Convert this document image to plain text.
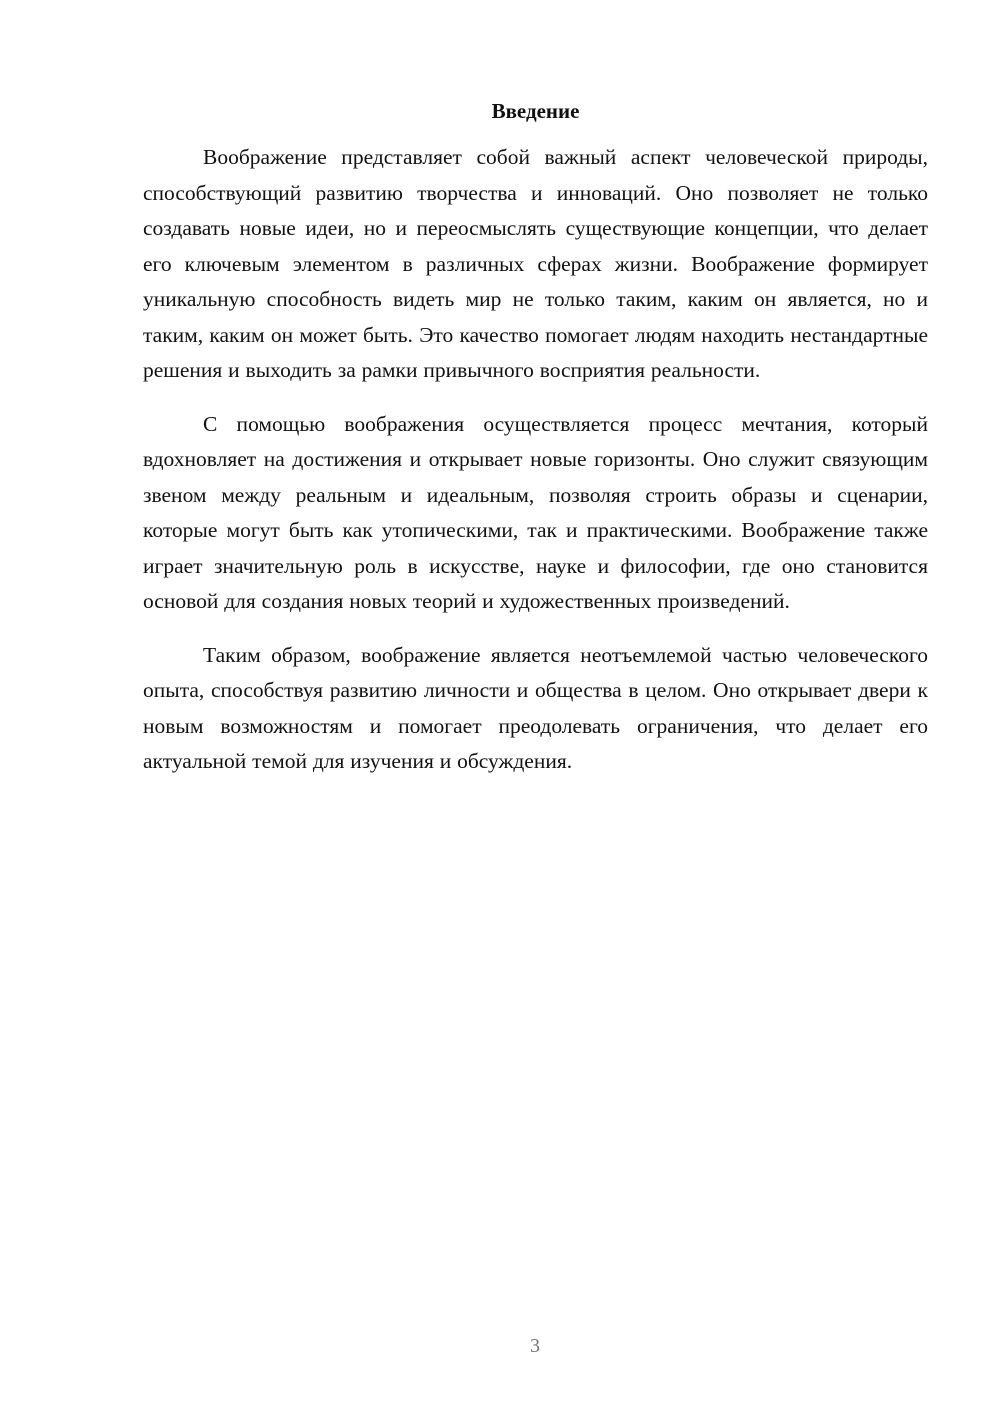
Введение

Воображение представляет собой важный аспект человеческой природы, способствующий развитию творчества и инноваций. Оно позволяет не только создавать новые идеи, но и переосмыслять существующие концепции, что делает его ключевым элементом в различных сферах жизни. Воображение формирует уникальную способность видеть мир не только таким, каким он является, но и таким, каким он может быть. Это качество помогает людям находить нестандартные решения и выходить за рамки привычного восприятия реальности.

С помощью воображения осуществляется процесс мечтания, который вдохновляет на достижения и открывает новые горизонты. Оно служит связующим звеном между реальным и идеальным, позволяя строить образы и сценарии, которые могут быть как утопическими, так и практическими. Воображение также играет значительную роль в искусстве, науке и философии, где оно становится основой для создания новых теорий и художественных произведений.

Таким образом, воображение является неотъемлемой частью человеческого опыта, способствуя развитию личности и общества в целом. Оно открывает двери к новым возможностям и помогает преодолевать ограничения, что делает его актуальной темой для изучения и обсуждения.

3
